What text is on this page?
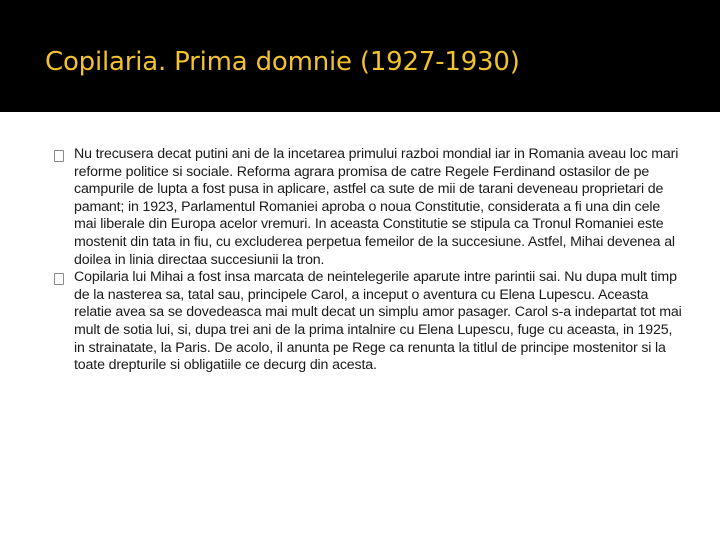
Copilaria. Prima domnie (1927-1930)
Nu trecusera decat putini ani de la incetarea primului razboi mondial iar in Romania aveau loc mari reforme politice si sociale. Reforma agrara promisa de catre Regele Ferdinand ostasilor de pe campurile de lupta a fost pusa in aplicare, astfel ca sute de mii de tarani deveneau proprietari de pamant; in 1923, Parlamentul Romaniei aproba o noua Constitutie, considerata a fi una din cele mai liberale din Europa acelor vremuri. In aceasta Constitutie se stipula ca Tronul Romaniei este mostenit din tata in fiu, cu excluderea perpetua femeilor de la succesiune. Astfel, Mihai devenea al doilea in linia directaa succesiunii la tron.
Copilaria lui Mihai a fost insa marcata de neintelegerile aparute intre parintii sai. Nu dupa mult timp de la nasterea sa, tatal sau, principele Carol, a inceput o aventura cu Elena Lupescu. Aceasta relatie avea sa se dovedeasca mai mult decat un simplu amor pasager. Carol s-a indepartat tot mai mult de sotia lui, si, dupa trei ani de la prima intalnire cu Elena Lupescu, fuge cu aceasta, in 1925, in strainatate, la Paris. De acolo, il anunta pe Rege ca renunta la titlul de principe mostenitor si la toate drepturile si obligatiile ce decurg din acesta.
